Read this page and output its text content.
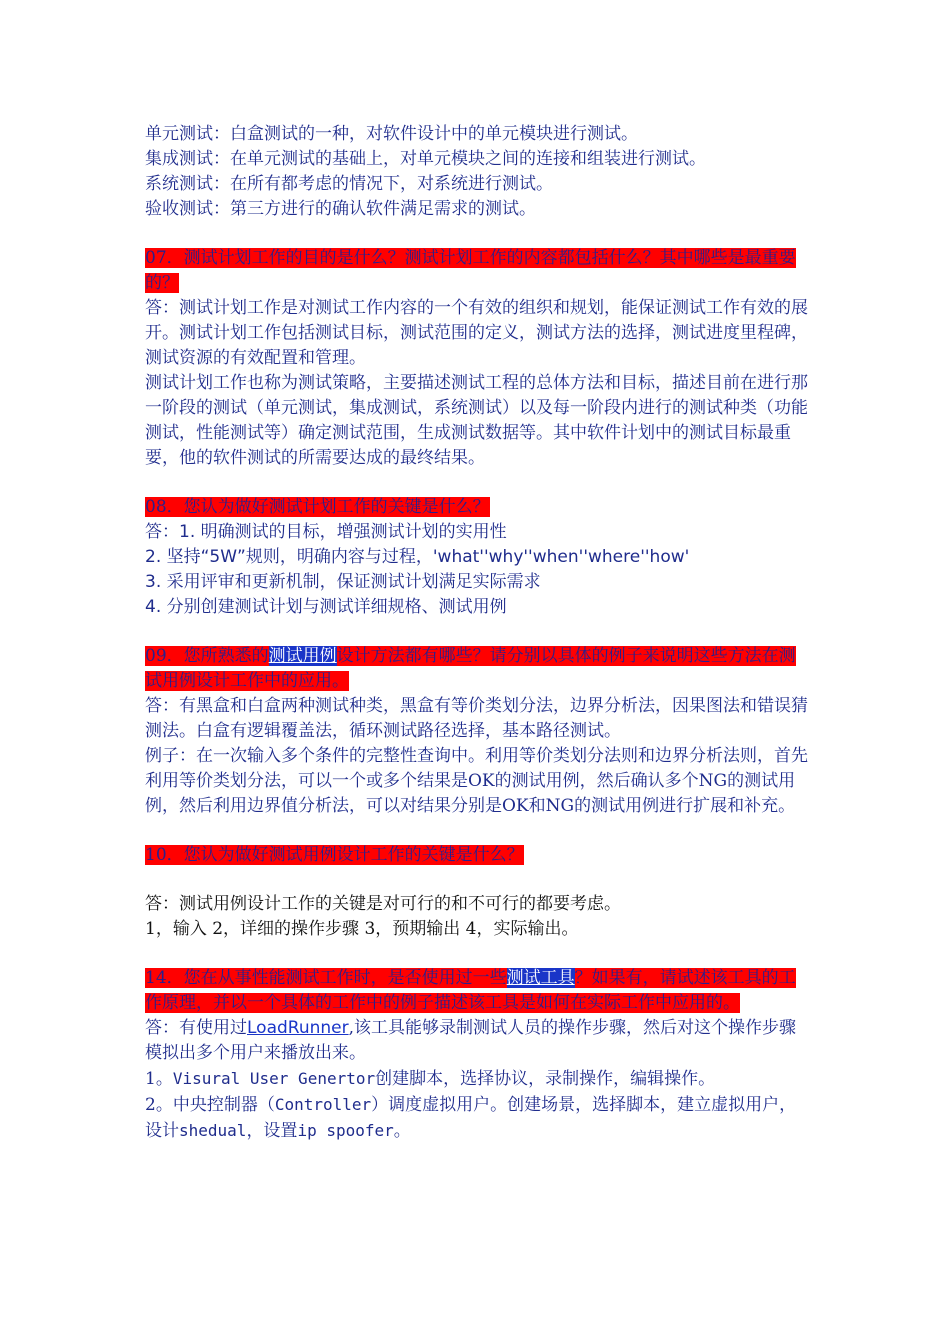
单元测试：白盒测试的一种，对软件设计中的单元模块进行测试。

集成测试：在单元测试的基础上，对单元模块之间的连接和组装进行测试。

系统测试：在所有都考虑的情况下，对系统进行测试。

验收测试：第三方进行的确认软件满足需求的测试。

07．测试计划工作的目的是什么？测试计划工作的内容都包括什么？其中哪些是最重要的？

答：测试计划工作是对测试工作内容的一个有效的组织和规划，能保证测试工作有效的展开。测试计划工作包括测试目标，测试范围的定义，测试方法的选择，测试进度里程碑，测试资源的有效配置和管理。

测试计划工作也称为测试策略，主要描述测试工程的总体方法和目标，描述目前在进行那一阶段的测试（单元测试，集成测试，系统测试）以及每一阶段内进行的测试种类（功能测试，性能测试等）确定测试范围，生成测试数据等。其中软件计划中的测试目标最重要，他的软件测试的所需要达成的最终结果。

08．您认为做好测试计划工作的关键是什么？

答：1. 明确测试的目标，增强测试计划的实用性

2. 坚持“5W”规则，明确内容与过程，'what''why''when''where''how'

3. 采用评审和更新机制，保证测试计划满足实际需求

4. 分别创建测试计划与测试详细规格、测试用例

09．您所熟悉的测试用例设计方法都有哪些？请分别以具体的例子来说明这些方法在测试用例设计工作中的应用。

答：有黑盒和白盒两种测试种类，黑盒有等价类划分法，边界分析法，因果图法和错误猜测法。白盒有逻辑覆盖法，循环测试路径选择，基本路径测试。

例子：在一次输入多个条件的完整性查询中。利用等价类划分法则和边界分析法则，首先利用等价类划分法，可以一个或多个结果是OK的测试用例，然后确认多个NG的测试用例，然后利用边界值分析法，可以对结果分别是OK和NG的测试用例进行扩展和补充。

10．您认为做好测试用例设计工作的关键是什么？

答：测试用例设计工作的关键是对可行的和不可行的都要考虑。

1，输入 2，详细的操作步骤 3，预期输出 4，实际输出。

14．您在从事性能测试工作时，是否使用过一些测试工具？如果有，请试述该工具的工作原理，并以一个具体的工作中的例子描述该工具是如何在实际工作中应用的。

答：有使用过LoadRunner,该工具能够录制测试人员的操作步骤，然后对这个操作步骤模拟出多个用户来播放出来。

1。Visural User Genertor创建脚本，选择协议，录制操作，编辑操作。

2。中央控制器（Controller）调度虚拟用户。创建场景，选择脚本，建立虚拟用户，设计shedual，设置ip spoofer。
